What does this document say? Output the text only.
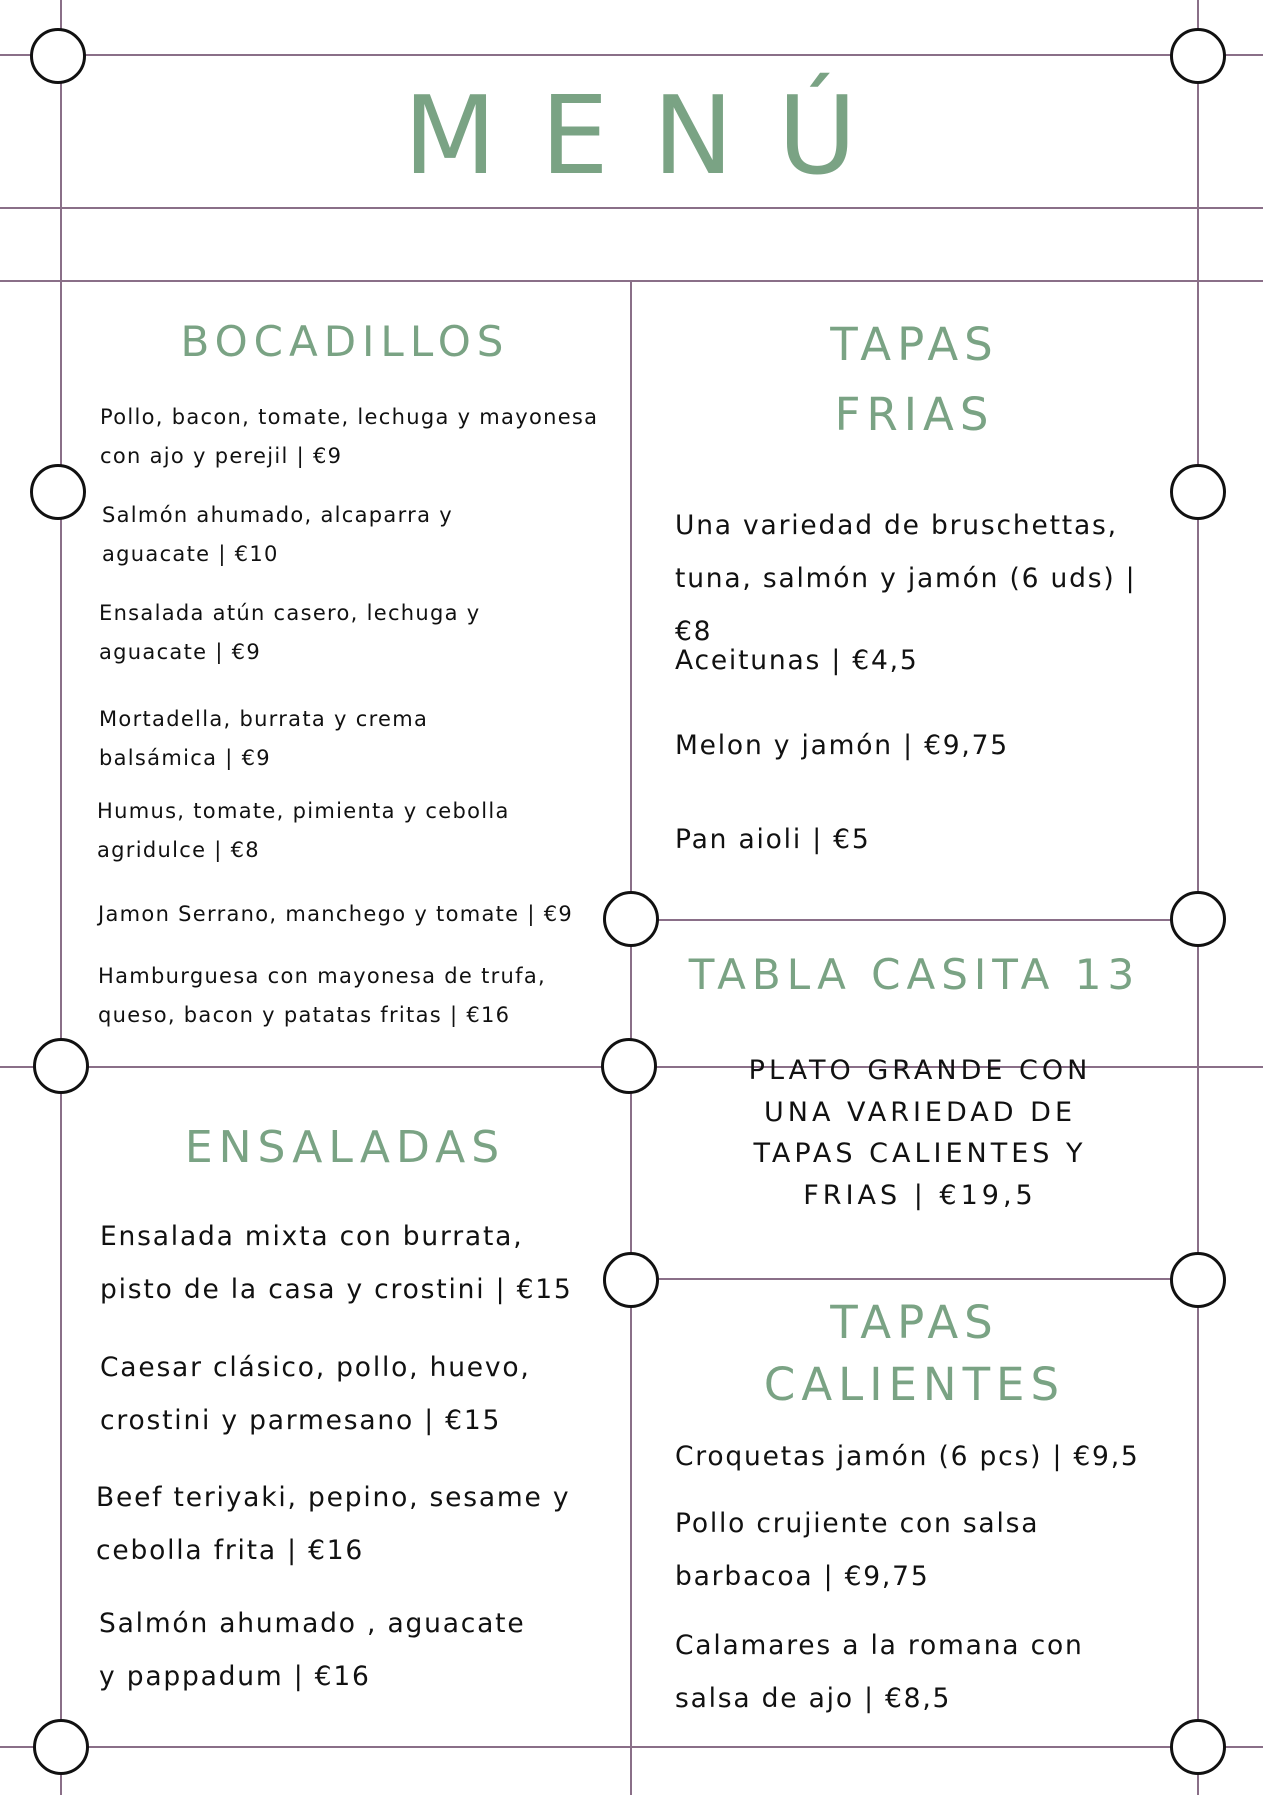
MENÚ
BOCADILLOS

Pollo, bacon, tomate, lechuga y mayonesa con ajo y perejil | €9

Salmón ahumado, alcaparra y aguacate | €10

Ensalada atún casero, lechuga y aguacate | €9

Mortadella, burrata y crema balsámica | €9

Humus, tomate, pimienta y cebolla agridulce | €8

Jamon Serrano, manchego y tomate | €9

Hamburguesa con mayonesa de trufa, queso, bacon y patatas fritas | €16

TAPAS
FRIAS

Una variedad de bruschettas, tuna, salmón y jamón (6 uds) | €8

Aceitunas | €4,5

Melon y jamón | €9,75

Pan aioli | €5

TABLA CASITA 13
PLATO GRANDE CON UNA VARIEDAD DE TAPAS CALIENTES Y FRIAS | €19,5
ENSALADAS

Ensalada mixta con burrata, pisto de la casa y crostini | €15

Caesar clásico, pollo, huevo, crostini y parmesano | €15

Beef teriyaki, pepino, sesame y cebolla frita | €16

Salmón ahumado , aguacate y pappadum | €16

TAPAS
CALIENTES

Croquetas jamón (6 pcs) | €9,5

Pollo crujiente con salsa barbacoa | €9,75

Calamares a la romana con salsa de ajo | €8,5
